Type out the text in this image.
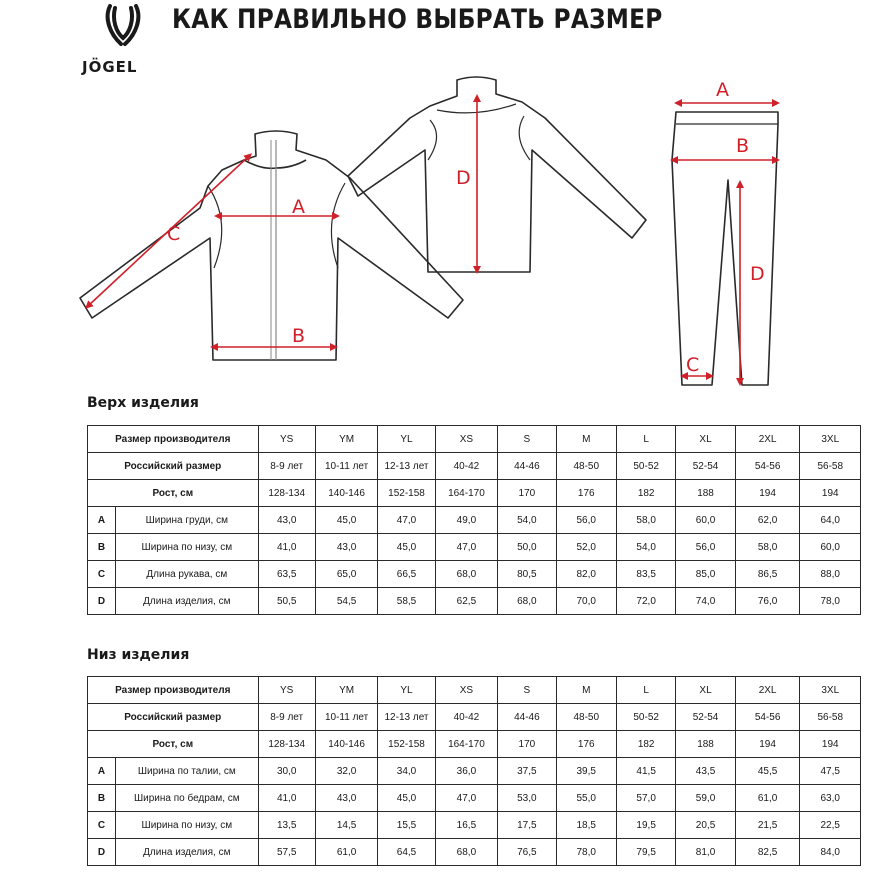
JÖGEL
КАК ПРАВИЛЬНО ВЫБРАТЬ РАЗМЕР
A
B
C
D
A
B
D
C
Верх изделия
Размер производителя		YS	YM	YL	XS	S	M	L	XL	2XL	3XL
Российский размер		8-9 лет	10-11 лет	12-13 лет	40-42	44-46	48-50	50-52	52-54	54-56	56-58
Рост, см		128-134	140-146	152-158	164-170	170	176	182	188	194	194
A	Ширина груди, см	43,0	45,0	47,0	49,0	54,0	56,0	58,0	60,0	62,0	64,0
B	Ширина по низу, см	41,0	43,0	45,0	47,0	50,0	52,0	54,0	56,0	58,0	60,0
C	Длина рукава, см	63,5	65,0	66,5	68,0	80,5	82,0	83,5	85,0	86,5	88,0
D	Длина изделия, см	50,5	54,5	58,5	62,5	68,0	70,0	72,0	74,0	76,0	78,0
Низ изделия
Размер производителя		YS	YM	YL	XS	S	M	L	XL	2XL	3XL
Российский размер		8-9 лет	10-11 лет	12-13 лет	40-42	44-46	48-50	50-52	52-54	54-56	56-58
Рост, см		128-134	140-146	152-158	164-170	170	176	182	188	194	194
A	Ширина по талии, см	30,0	32,0	34,0	36,0	37,5	39,5	41,5	43,5	45,5	47,5
B	Ширина по бедрам, см	41,0	43,0	45,0	47,0	53,0	55,0	57,0	59,0	61,0	63,0
C	Ширина по низу, см	13,5	14,5	15,5	16,5	17,5	18,5	19,5	20,5	21,5	22,5
D	Длина изделия, см	57,5	61,0	64,5	68,0	76,5	78,0	79,5	81,0	82,5	84,0
